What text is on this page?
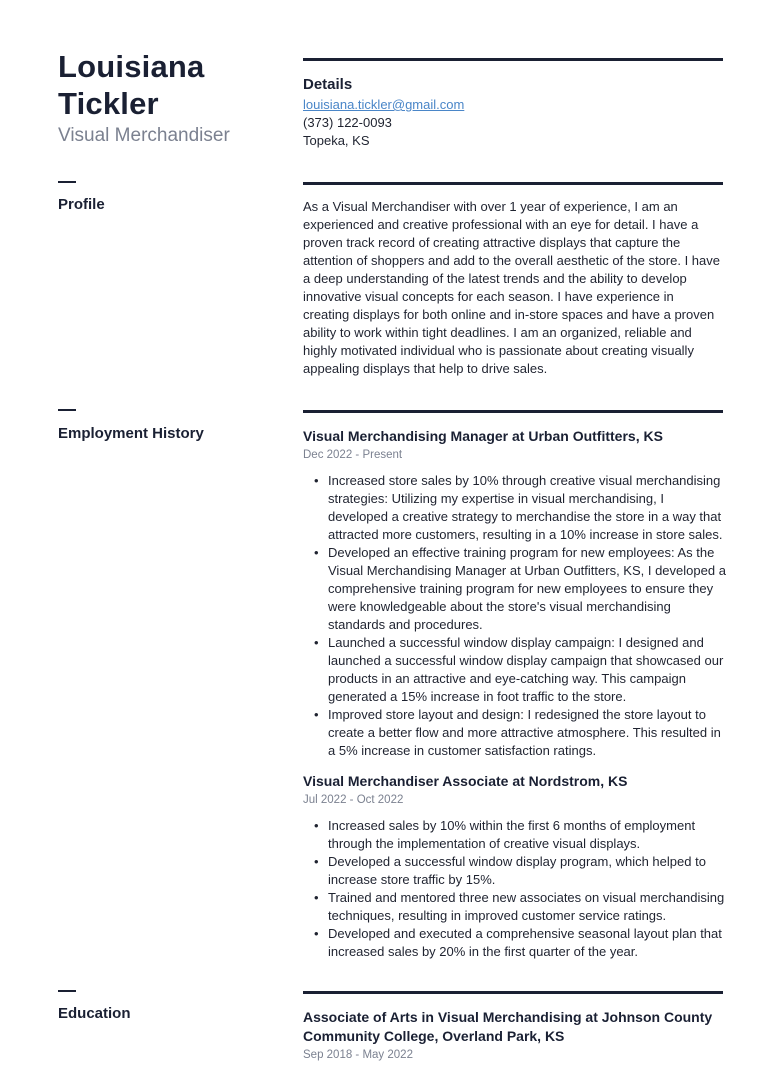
Louisiana Tickler
Visual Merchandiser
Details
louisiana.tickler@gmail.com
(373) 122-0093
Topeka, KS
Profile	As a Visual Merchandiser with over 1 year of experience, I am an experienced and creative professional with an eye for detail. I have a proven track record of creating attractive displays that capture the attention of shoppers and add to the overall aesthetic of the store. I have a deep understanding of the latest trends and the ability to develop innovative visual concepts for each season. I have experience in creating displays for both online and in-store spaces and have a proven ability to work within tight deadlines. I am an organized, reliable and highly motivated individual who is passionate about creating visually appealing displays that help to drive sales.
Employment History	Visual Merchandising Manager at Urban Outfitters, KS
Dec 2022 - Present
• Increased store sales by 10% through creative visual merchandising strategies: Utilizing my expertise in visual merchandising, I developed a creative strategy to merchandise the store in a way that attracted more customers, resulting in a 10% increase in store sales.
• Developed an effective training program for new employees: As the Visual Merchandising Manager at Urban Outfitters, KS, I developed a comprehensive training program for new employees to ensure they were knowledgeable about the store's visual merchandising standards and procedures.
• Launched a successful window display campaign: I designed and launched a successful window display campaign that showcased our products in an attractive and eye-catching way. This campaign generated a 15% increase in foot traffic to the store.
• Improved store layout and design: I redesigned the store layout to create a better flow and more attractive atmosphere. This resulted in a 5% increase in customer satisfaction ratings.
Visual Merchandiser Associate at Nordstrom, KS
Jul 2022 - Oct 2022
• Increased sales by 10% within the first 6 months of employment through the implementation of creative visual displays.
• Developed a successful window display program, which helped to increase store traffic by 15%.
• Trained and mentored three new associates on visual merchandising techniques, resulting in improved customer service ratings.
• Developed and executed a comprehensive seasonal layout plan that increased sales by 20% in the first quarter of the year.
Education	Associate of Arts in Visual Merchandising at Johnson County Community College, Overland Park, KS
Sep 2018 - May 2022
